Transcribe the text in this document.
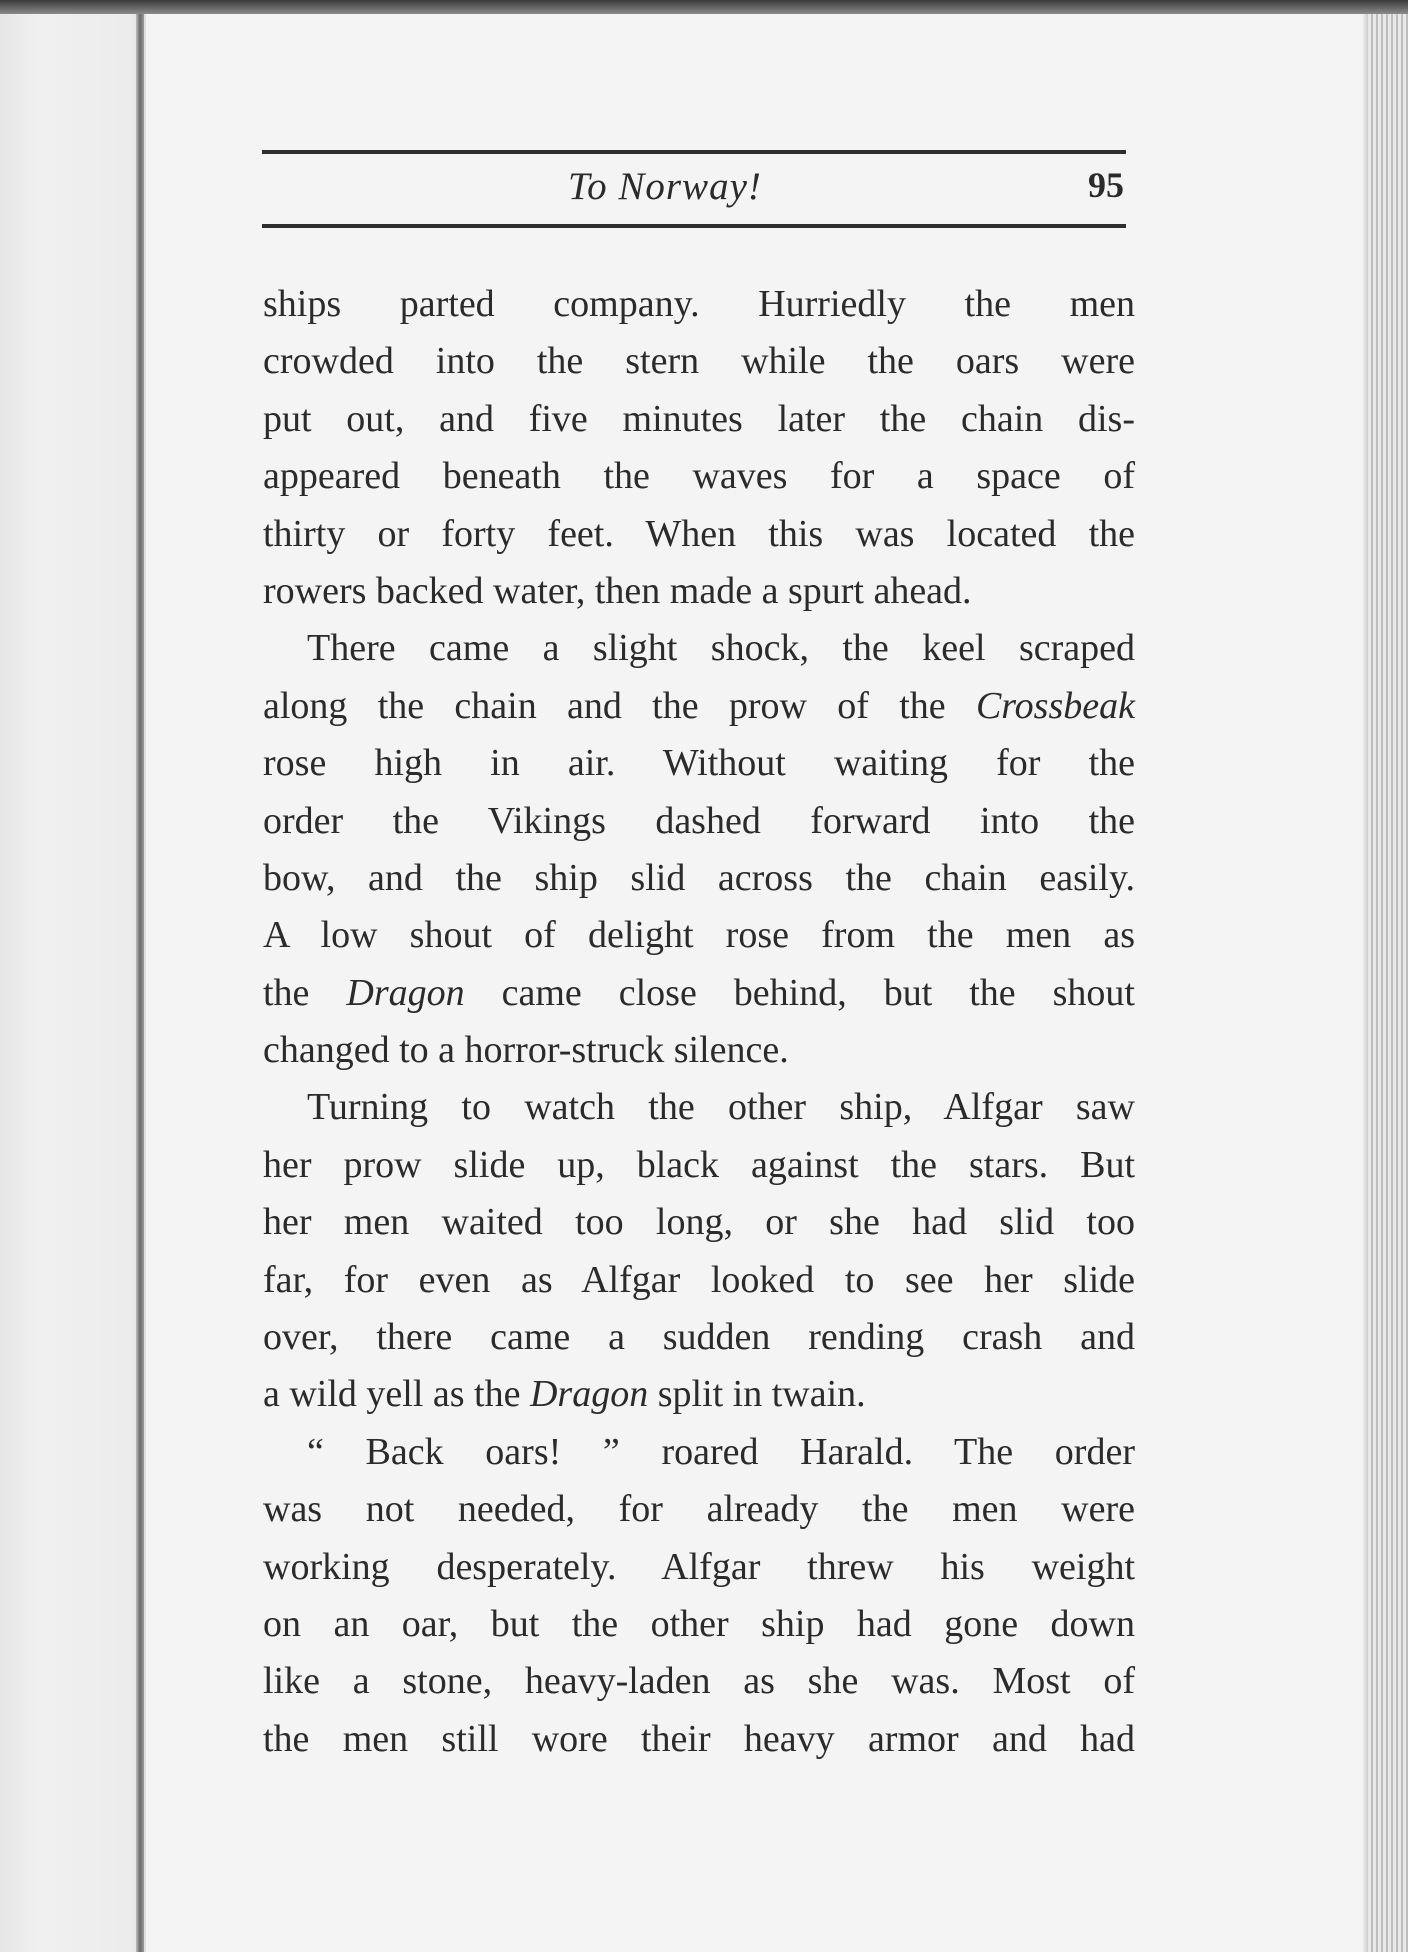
To Norway!	95
ships parted company. Hurriedly the men
crowded into the stern while the oars were
put out, and five minutes later the chain dis-
appeared beneath the waves for a space of
thirty or forty feet. When this was located the
rowers backed water, then made a spurt ahead.
There came a slight shock, the keel scraped
along the chain and the prow of the Crossbeak
rose high in air. Without waiting for the
order the Vikings dashed forward into the
bow, and the ship slid across the chain easily.
A low shout of delight rose from the men as
the Dragon came close behind, but the shout
changed to a horror-struck silence.
Turning to watch the other ship, Alfgar saw
her prow slide up, black against the stars. But
her men waited too long, or she had slid too
far, for even as Alfgar looked to see her slide
over, there came a sudden rending crash and
a wild yell as the Dragon split in twain.
“ Back oars! ” roared Harald. The order
was not needed, for already the men were
working desperately. Alfgar threw his weight
on an oar, but the other ship had gone down
like a stone, heavy-laden as she was. Most of
the men still wore their heavy armor and had
